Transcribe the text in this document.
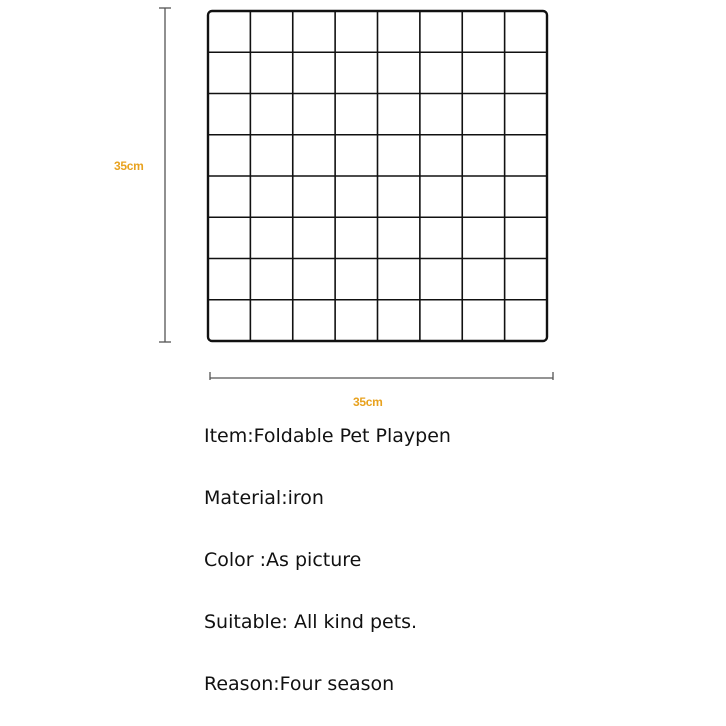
35cm
35cm
Item:Foldable Pet Playpen
Material:iron
Color :As picture
Suitable: All kind pets.
Reason:Four season
